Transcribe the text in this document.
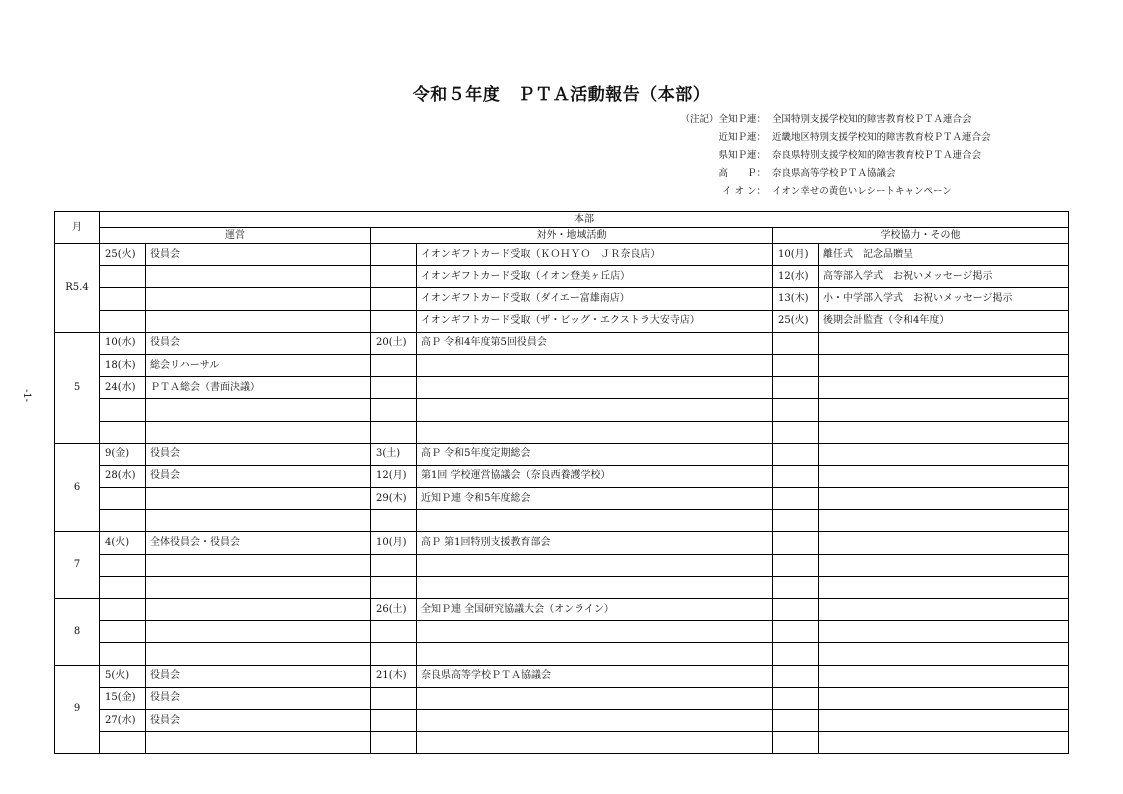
令和５年度　ＰＴＡ活動報告（本部）
（注記）全知Ｐ連： 全国特別支援学校知的障害教育校ＰＴＡ連合会
近知Ｐ連： 近畿地区特別支援学校知的障害教育校ＰＴＡ連合会
県知Ｐ連： 奈良県特別支援学校知的障害教育校ＰＴＡ連合会
高　　Ｐ： 奈良県高等学校ＰＴＡ協議会
イ オ ン： イオン幸せの黄色いレシートキャンペーン
-1-
月	本部					
	運営		対外・地域活動		学校協力・その他	
R5.4	25(火)	役員会		イオンギフトカード受取（ＫＯＨＹＯ　ＪＲ奈良店）	10(月)	離任式　記念品贈呈
				イオンギフトカード受取（イオン登美ヶ丘店）	12(水)	高等部入学式　お祝いメッセージ掲示
				イオンギフトカード受取（ダイエー富雄南店）	13(木)	小・中学部入学式　お祝いメッセージ掲示
				イオンギフトカード受取（ザ・ビッグ・エクストラ大安寺店）	25(火)	後期会計監査（令和4年度）
5	10(水)	役員会	20(土)	高Ｐ 令和4年度第5回役員会		
	18(木)	総会リハーサル				
	24(水)	ＰＴＡ総会（書面決議）				

6	9(金)	役員会	3(土)	高Ｐ 令和5年度定期総会		
	28(水)	役員会	12(月)	第1回 学校運営協議会（奈良西養護学校）		
			29(木)	近知Ｐ連 令和5年度総会		

7	4(火)	全体役員会・役員会	10(月)	高Ｐ 第1回特別支援教育部会		

8			26(土)	全知Ｐ連 全国研究協議大会（オンライン）		

9	5(火)	役員会	21(木)	奈良県高等学校ＰＴＡ協議会		
	15(金)	役員会				
	27(水)	役員会				
